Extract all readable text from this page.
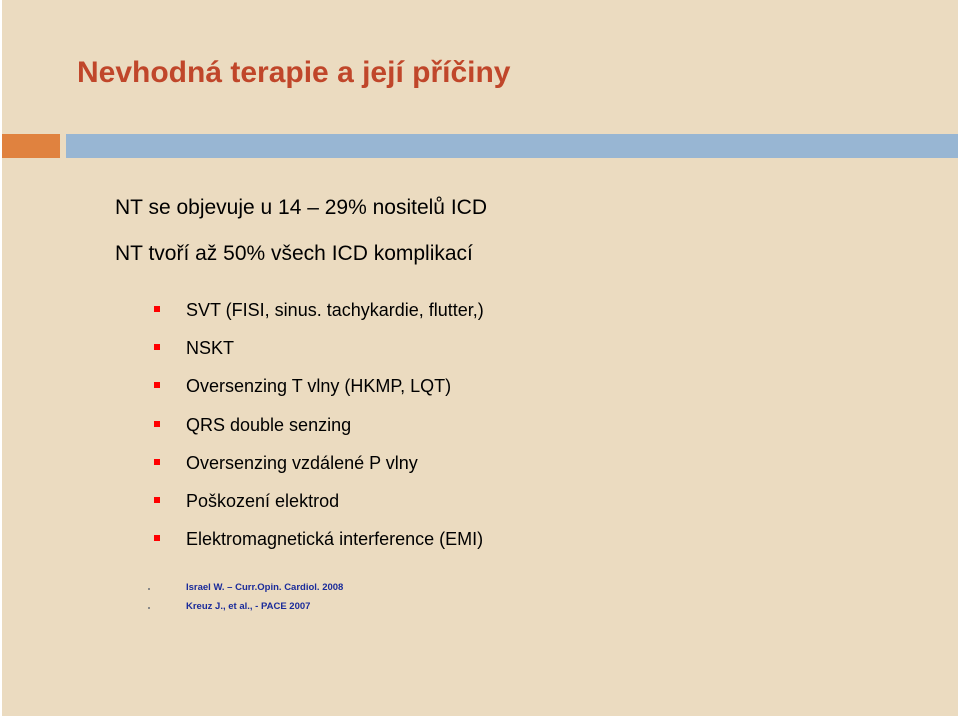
Nevhodná terapie a její příčiny
NT se objevuje u 14 – 29% nositelů ICD
NT tvoří až 50% všech ICD komplikací
SVT (FISI, sinus. tachykardie, flutter,)
NSKT
Oversenzing T vlny (HKMP, LQT)
QRS double senzing
Oversenzing vzdálené P vlny
Poškození elektrod
Elektromagnetická interference (EMI)
Israel W. – Curr.Opin. Cardiol. 2008
Kreuz J., et al., - PACE 2007
